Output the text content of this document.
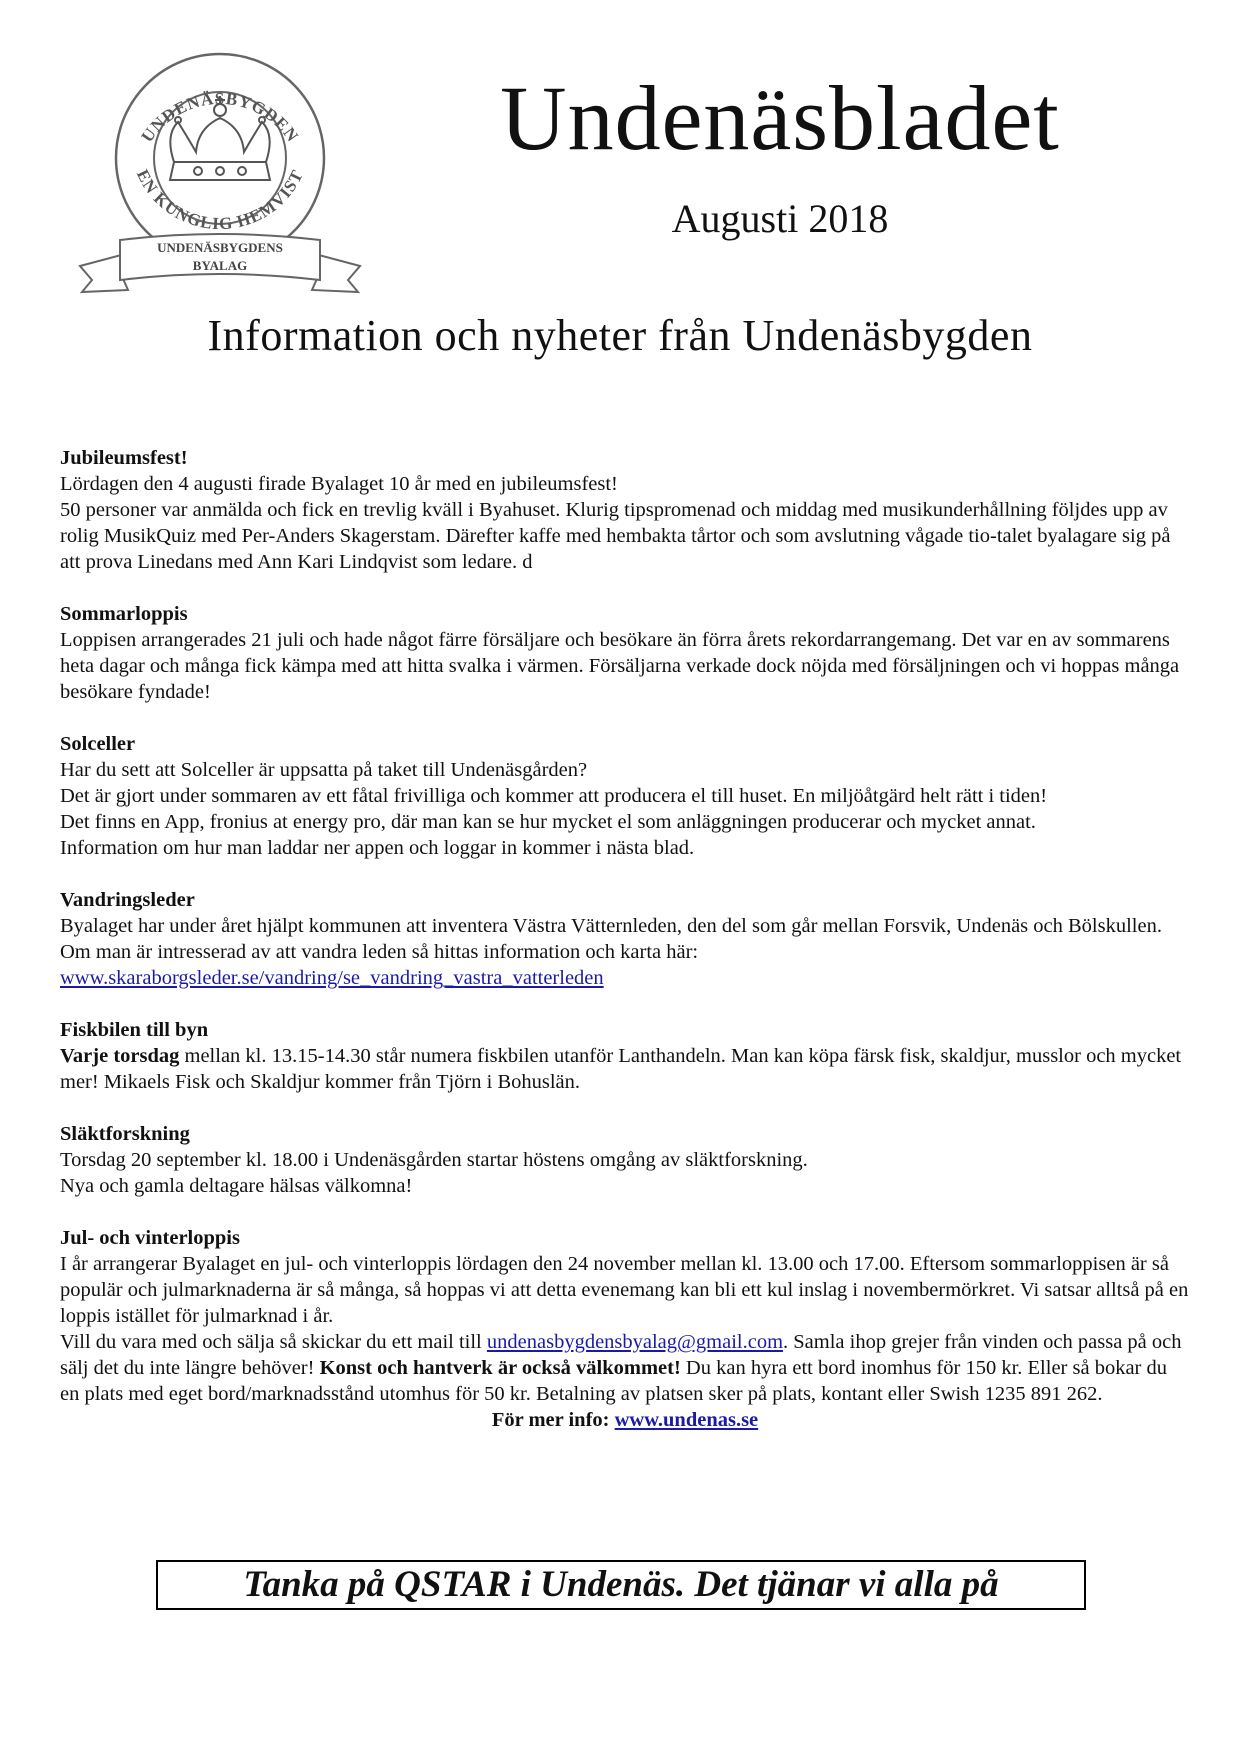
UNDENÄSBYGDEN
EN KUNGLIG HEMVIST
UNDENÄSBYGDENS
BYALAG
Undenäsbladet
Augusti 2018
Information och nyheter från Undenäsbygden
Jubileumsfest!

Lördagen den 4 augusti firade Byalaget 10 år med en jubileumsfest!

50 personer var anmälda och fick en trevlig kväll i Byahuset. Klurig tipspromenad och middag med musikunderhållning följdes upp av rolig MusikQuiz med Per-Anders Skagerstam. Därefter kaffe med hembakta tårtor och som avslutning vågade tio-talet byalagare sig på att prova Linedans med Ann Kari Lindqvist som ledare. d

Sommarloppis

Loppisen arrangerades 21 juli och hade något färre försäljare och besökare än förra årets rekordarrangemang. Det var en av sommarens heta dagar och många fick kämpa med att hitta svalka i värmen. Försäljarna verkade dock nöjda med försäljningen och vi hoppas många besökare fyndade!

Solceller

Har du sett att Solceller är uppsatta på taket till Undenäsgården?

Det är gjort under sommaren av ett fåtal frivilliga och kommer att producera el till huset. En miljöåtgärd helt rätt i tiden!

Det finns en App, fronius at energy pro, där man kan se hur mycket el som anläggningen producerar och mycket annat.

Information om hur man laddar ner appen och loggar in kommer i nästa blad.

Vandringsleder

Byalaget har under året hjälpt kommunen att inventera Västra Vätternleden, den del som går mellan Forsvik, Undenäs och Bölskullen. Om man är intresserad av att vandra leden så hittas information och karta här:

www.skaraborgsleder.se/vandring/se_vandring_vastra_vatterleden

Fiskbilen till byn

Varje torsdag mellan kl. 13.15-14.30 står numera fiskbilen utanför Lanthandeln. Man kan köpa färsk fisk, skaldjur, musslor och mycket mer! Mikaels Fisk och Skaldjur kommer från Tjörn i Bohuslän.

Släktforskning

Torsdag 20 september kl. 18.00 i Undenäsgården startar höstens omgång av släktforskning.

Nya och gamla deltagare hälsas välkomna!

Jul- och vinterloppis

I år arrangerar Byalaget en jul- och vinterloppis lördagen den 24 november mellan kl. 13.00 och 17.00. Eftersom sommarloppisen är så populär och julmarknaderna är så många, så hoppas vi att detta evenemang kan bli ett kul inslag i novembermörkret. Vi satsar alltså på en loppis istället för julmarknad i år.

Vill du vara med och sälja så skickar du ett mail till undenasbygdensbyalag@gmail.com. Samla ihop grejer från vinden och passa på och sälj det du inte längre behöver! Konst och hantverk är också välkommet! Du kan hyra ett bord inomhus för 150 kr. Eller så bokar du en plats med eget bord/marknadsstånd utomhus för 50 kr. Betalning av platsen sker på plats, kontant eller Swish 1235 891 262.

För mer info: www.undenas.se

Tanka på QSTAR i Undenäs. Det tjänar vi alla på
